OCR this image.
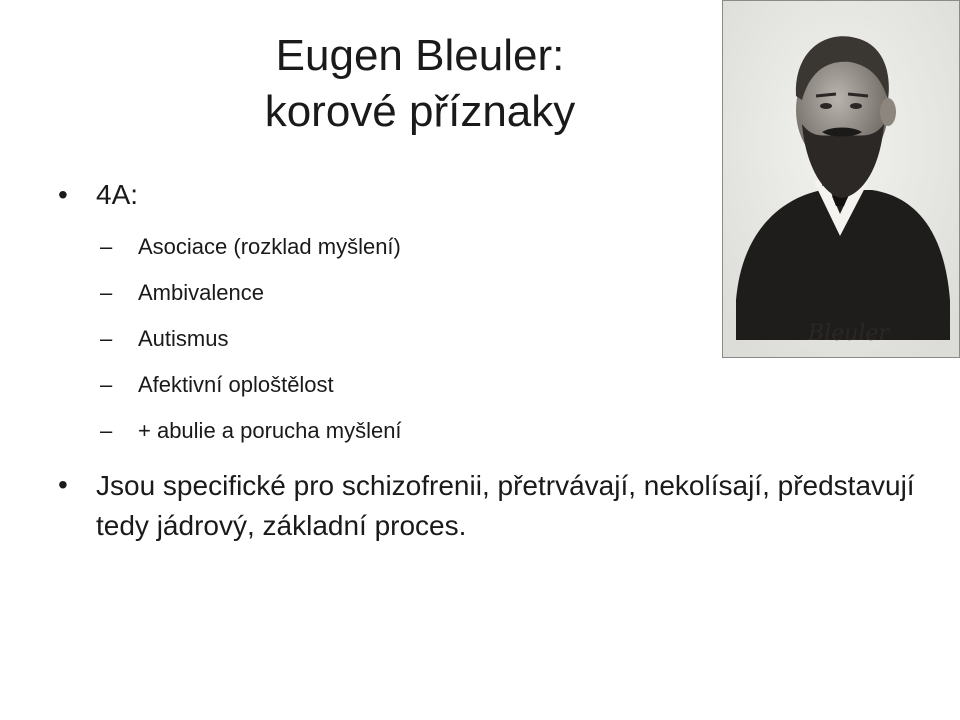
Eugen Bleuler:
korové příznaky
Bleuler
• 4A:
– Asociace (rozklad myšlení)
– Ambivalence
– Autismus
– Afektivní oploštělost
– + abulie a porucha myšlení
• Jsou specifické pro schizofrenii, přetrvávají, nekolísají, představují tedy jádrový, základní proces.
